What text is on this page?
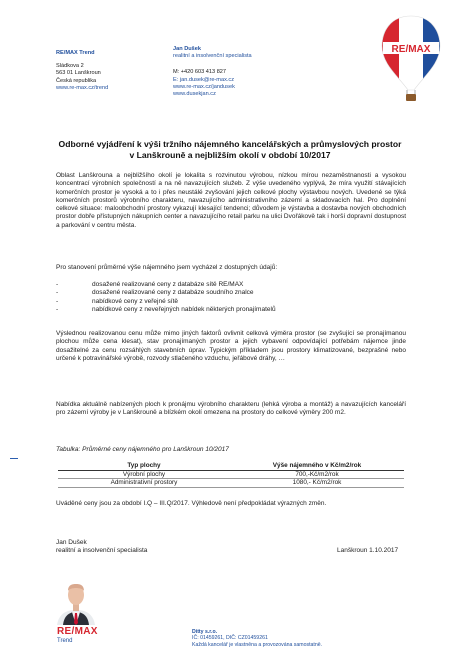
RE/MAX Trend
Sládkova 2
563 01 Lanškroun
Česká republika
www.re-max.cz/trend
Jan Dušek
realitní a insolvenční specialista
M: +420 603 413 827
E: jan.dusek@re-max.cz
www.re-max.cz/jandusek
www.dusekjan.cz
RE/MAX
Odborné vyjádření k výši tržního nájemného kancelářských a průmyslových prostor v Lanškrouně a nejbližším okolí v období 10/2017
Oblast Lanškrouna a nejbližšího okolí je lokalita s rozvinutou výrobou, nízkou mírou nezaměstnanosti a vysokou koncentrací výrobních společností a na ně navazujících služeb. Z výše uvedeného vyplývá, že míra využití stávajících komerčních prostor je vysoká a to i přes neustálé zvyšování jejich celkové plochy výstavbou nových. Uvedené se týká komerčních prostorů výrobního charakteru, navazujícího administrativního zázemí a skladovacích hal. Pro doplnění celkové situace: maloobchodní prostory vykazují klesající tendenci; důvodem je výstavba a dostavba nových obchodních prostor dobře přístupných nákupních center a navazujícího retail parku na ulici Dvořákově tak i horší dopravní dostupnost a parkování v centru města.
Pro stanovení průměrné výše nájemného jsem vycházel z dostupných údajů:
-	dosažené realizované ceny z databáze sítě RE/MAX
-	dosažené realizované ceny z databáze soudního znalce
-	nabídkové ceny z veřejné sítě
-	nabídkové ceny z neveřejných nabídek některých pronajímatelů
Výslednou realizovanou cenu může mimo jiných faktorů ovlivnit celková výměra prostor (se zvyšující se pronajímanou plochou může cena klesat), stav pronajímaných prostor a jejich vybavení odpovídající potřebám nájemce jinde dosažitelné za cenu rozsáhlých stavebních úprav. Typickým příkladem jsou prostory klimatizované, bezprašné nebo určené k potravinářské výrobě, rozvody stlačeného vzduchu, jeřábové dráhy, …
Nabídka aktuálně nabízených ploch k pronájmu výrobního charakteru (lehká výroba a montáž) a navazujících kanceláří pro zázemí výroby je v Lanškrouně a blízkém okolí omezena na prostory do celkové výměry 200 m2.
Tabulka: Průměrné ceny nájemného pro Lanškroun 10/2017
Typ plochy	Výše nájemného v Kč/m2/rok
Výrobní plochy	700,-Kč/m2/rok
Administrativní prostory	1080,- Kč/m2/rok
Uváděné ceny jsou za období I.Q – III.Q/2017. Výhledově není předpokládat výrazných změn.
Jan Dušek
realitní a insolvenční specialista	Lanškroun 1.10.2017
RE/MAX
Trend
Ditty s.r.o.
IČ: 01459261, DIČ: CZ01459261
Každá kancelář je vlastněna a provozována samostatně.
